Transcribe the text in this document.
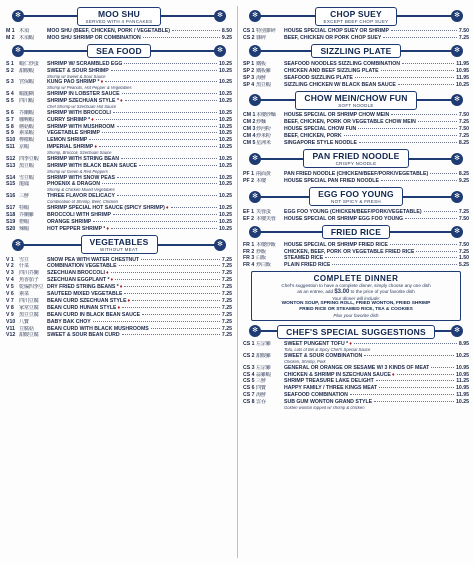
✻	✻
MOO SHU
SERVED WITH 4 PANCAKES
M 1 木須	MOO SHU (BEEF, CHICKEN, PORK / VEGETABLE)	8.50
M 2 木須蝦	MOO SHU SHRIMP OR COMBINATION	9.25
✻	✻
SEA FOOD
S 1	蝦仁炒蛋	SHRIMP W/ SCRAMBLED EGG	10.25
S 2	甜酸蝦	SWEET & SOUR SHRIMP	10.25
Shrimp w/ Sweet & Sour Sauce
S 3	宮保蝦	KUNG PAO SHRIMP * ♦	10.25
Shrimp w/ Peanuts, Hot Pepper & Vegetables
S 4	蝦龍糊	SHRIMP IN LOBSTER SAUCE	10.25
S 5	四川蝦	SHRIMP SZECHUAN STYLE * ♦	10.25
Chef Shrimp w/ Szechuan Hot Sauce
S 6	芥蘭蝦	SHRIMP WITH BROCCOLI	10.25
S 7	咖喱蝦	CURRY SHRIMP * ♦	10.25
S 8	蘑菇蝦	SHRIMP WITH MUSHROOM	10.25
S 9	素菜蝦	VEGETABLE SHRIMP	10.25
S10 檸檬蝦	LEMON SHRIMP	10.25
S11 京蝦	IMPERIAL SHRIMP ♦	10.25
Shrimp, Broccoli, Szechuan Sauce
S12 四季豆蝦	SHRIMP WITH STRING BEAN	10.25
S13 黑豆蝦	SHRIMP WITH BLACK BEAN SAUCE	10.25
Shrimp w/ Green & Red Peppers
S14 雪豆蝦	SHRIMP WITH SNOW PEAS	10.25
S15 龍鳳	PHOENIX & DRAGON	10.25
Shrimp & Chicken Mixed Vegetables
S16 三鮮	THREE FLAVOR DELICACY	10.25
Combination of Shrimp, Beef, Chicken
S17 特蝦	SHRIMP SPECIAL HOT SAUCE (SPICY SHRIMP) ♦	10.25
S18 芥蘭雞	BROCCOLI WITH SHRIMP	10.25
S19 橙蝦	ORANGE SHRIMP	10.25
S20 辣蝦	HOT PEPPER SHRIMP * ♦	10.25
✻	✻
VEGETABLES
WITHOUT MEAT
V 1	雪豆	SNOW PEA WITH WATER CHESTNUT	7.25
V 2	什菜	COMBINATION VEGETABLE	7.25
V 3	四川芥蘭	SZECHUAN BROCCOLI ♦	7.25
V 4	魚香茄子	SZECHUAN EGGPLANT * ♦	7.25
V 5	乾煸四季豆 DRY FRIED STRING BEANS * ♦	7.25
V 6	素菜	SAUTEED MIXED VEGETABLE	7.25
V 7	四川豆腐	BEAN CURD SZECHUAN STYLE ♦	7.25
V 8	家常豆腐	BEAN CURD HUNAN STYLE ♦	7.25
V 9	黑豆豆腐	BEAN CURD IN BLACK BEAN SAUCE	7.25
V10 八寶	BABY BAK CHOY	7.25
V11 豆腐菇	BEAN CURD WITH BLACK MUSHROOMS	7.25
V12 甜酸豆腐	SWEET & SOUR BEAN CURD	7.25
✻	✻
CHOP SUEY
EXCEPT BEEF CHOP SUEY
CS 1 特別雜碎	HOUSE SPECIAL CHOP SUEY OR SHRIMP	7.50
CS 2 雜碎	BEEF, CHICKEN OR PORK CHOP SUEY	7.25
✻	✻
SIZZLING PLATE
SP 1 鐵板	SEAFOOD NOODLES SIZZLING COMBINATION	11.95
SP 2 鐵板雞	CHICKEN AND BEEF SIZZLING PLATE	10.95
SP 3 海鮮	SEAFOOD SIZZLING PLATE	11.95
SP 4 黑豆蝦	SIZZLING CHICKEN W/ BLACK BEAN SAUCE	10.25
✻	✻
CHOW MEIN/CHOW FUN
SOFT NOODLE
CM 1 本樓炒麵	HOUSE SPECIAL OR SHRIMP CHOW MEIN	7.50
CM 2 炒麵	BEEF, CHICKEN, PORK OR VEGETABLE CHOW MEIN	7.25
CM 3 炒河粉	HOUSE SPECIAL CHOW FUN	7.50
CM 4 炒米粉	BEEF, CHICKEN, PORK	7.25
CM 5 星洲米	SINGAPORE STYLE NOODLE	8.25
✻	✻
PAN FRIED NOODLE
CRISPY NOODLE
PF 1 兩面黃	PAN FRIED NOODLE (CHICKEN/BEEF/PORK/VEGETABLE)	8.25
PF 2 本樓	HOUSE SPECIAL PAN FRIED NOODLE	9.25
✻	✻
EGG FOO YOUNG
NOT SPICY & FRESH
EF 1 芙蓉蛋	EGG FOO YOUNG (CHICKEN/BEEF/PORK/VEGETABLE)	7.25
EF 2 本樓芙蓉	HOUSE SPECIAL OR SHRIMP EGG FOO YOUNG	7.50
✻	✻
FRIED RICE
FR 1 本樓炒飯	HOUSE SPECIAL OR SHRIMP FRIED RICE	7.50
FR 2 炒飯	CHICKEN, BEEF, PORK OR VEGETABLE FRIED RICE	7.25
FR 3 白飯	STEAMED RICE	1.50
FR 4 炒白飯	PLAIN FRIED RICE	5.25
COMPLETE DINNER
Chef's suggestion to have a complete dinner, simply choose any one dish
as an entree, add $3.00 to the price of your favorite dish
Your dinner will include:
WONTON SOUP, SPRING ROLL, FRIED WONTON, FRIED SHRIMP
FRIED RICE OR STEAMED RICE, TEA & COOKIES
Plus your favorite dish
✻	✻
CHEF'S SPECIAL SUGGESTIONS
CS 1 左宗雞	SWEET PUNGENT TOFU * ♦	8.95
Tofu, Lots of Bel & Spicy Chef's Special Sauce
CS 2 甜酸雞	SWEET & SOUR COMBINATION	10.25
Chicken, Shrimp, Pork
CS 3 左宗雞	GENERAL OR ORANGE OR SESAME W/ 3 KINDS OF MEAT	10.95
CS 4 蒜雞蝦	CHICKEN & SHRIMP IN SZECHUAN SAUCE ♦	10.95
CS 5 三鮮	SHRIMP TREASURE LAKE DELIGHT	11.25
CS 6 四寶	HAPPY FAMILY / THREE KINGS MEAT	10.95
CS 7 海鮮	SEAFOOD COMBINATION	11.95
CS 8 雲吞	SUB GUM WONTON GRAND STYLE	10.25
Golden wonton topped w/ shrimp & chicken
